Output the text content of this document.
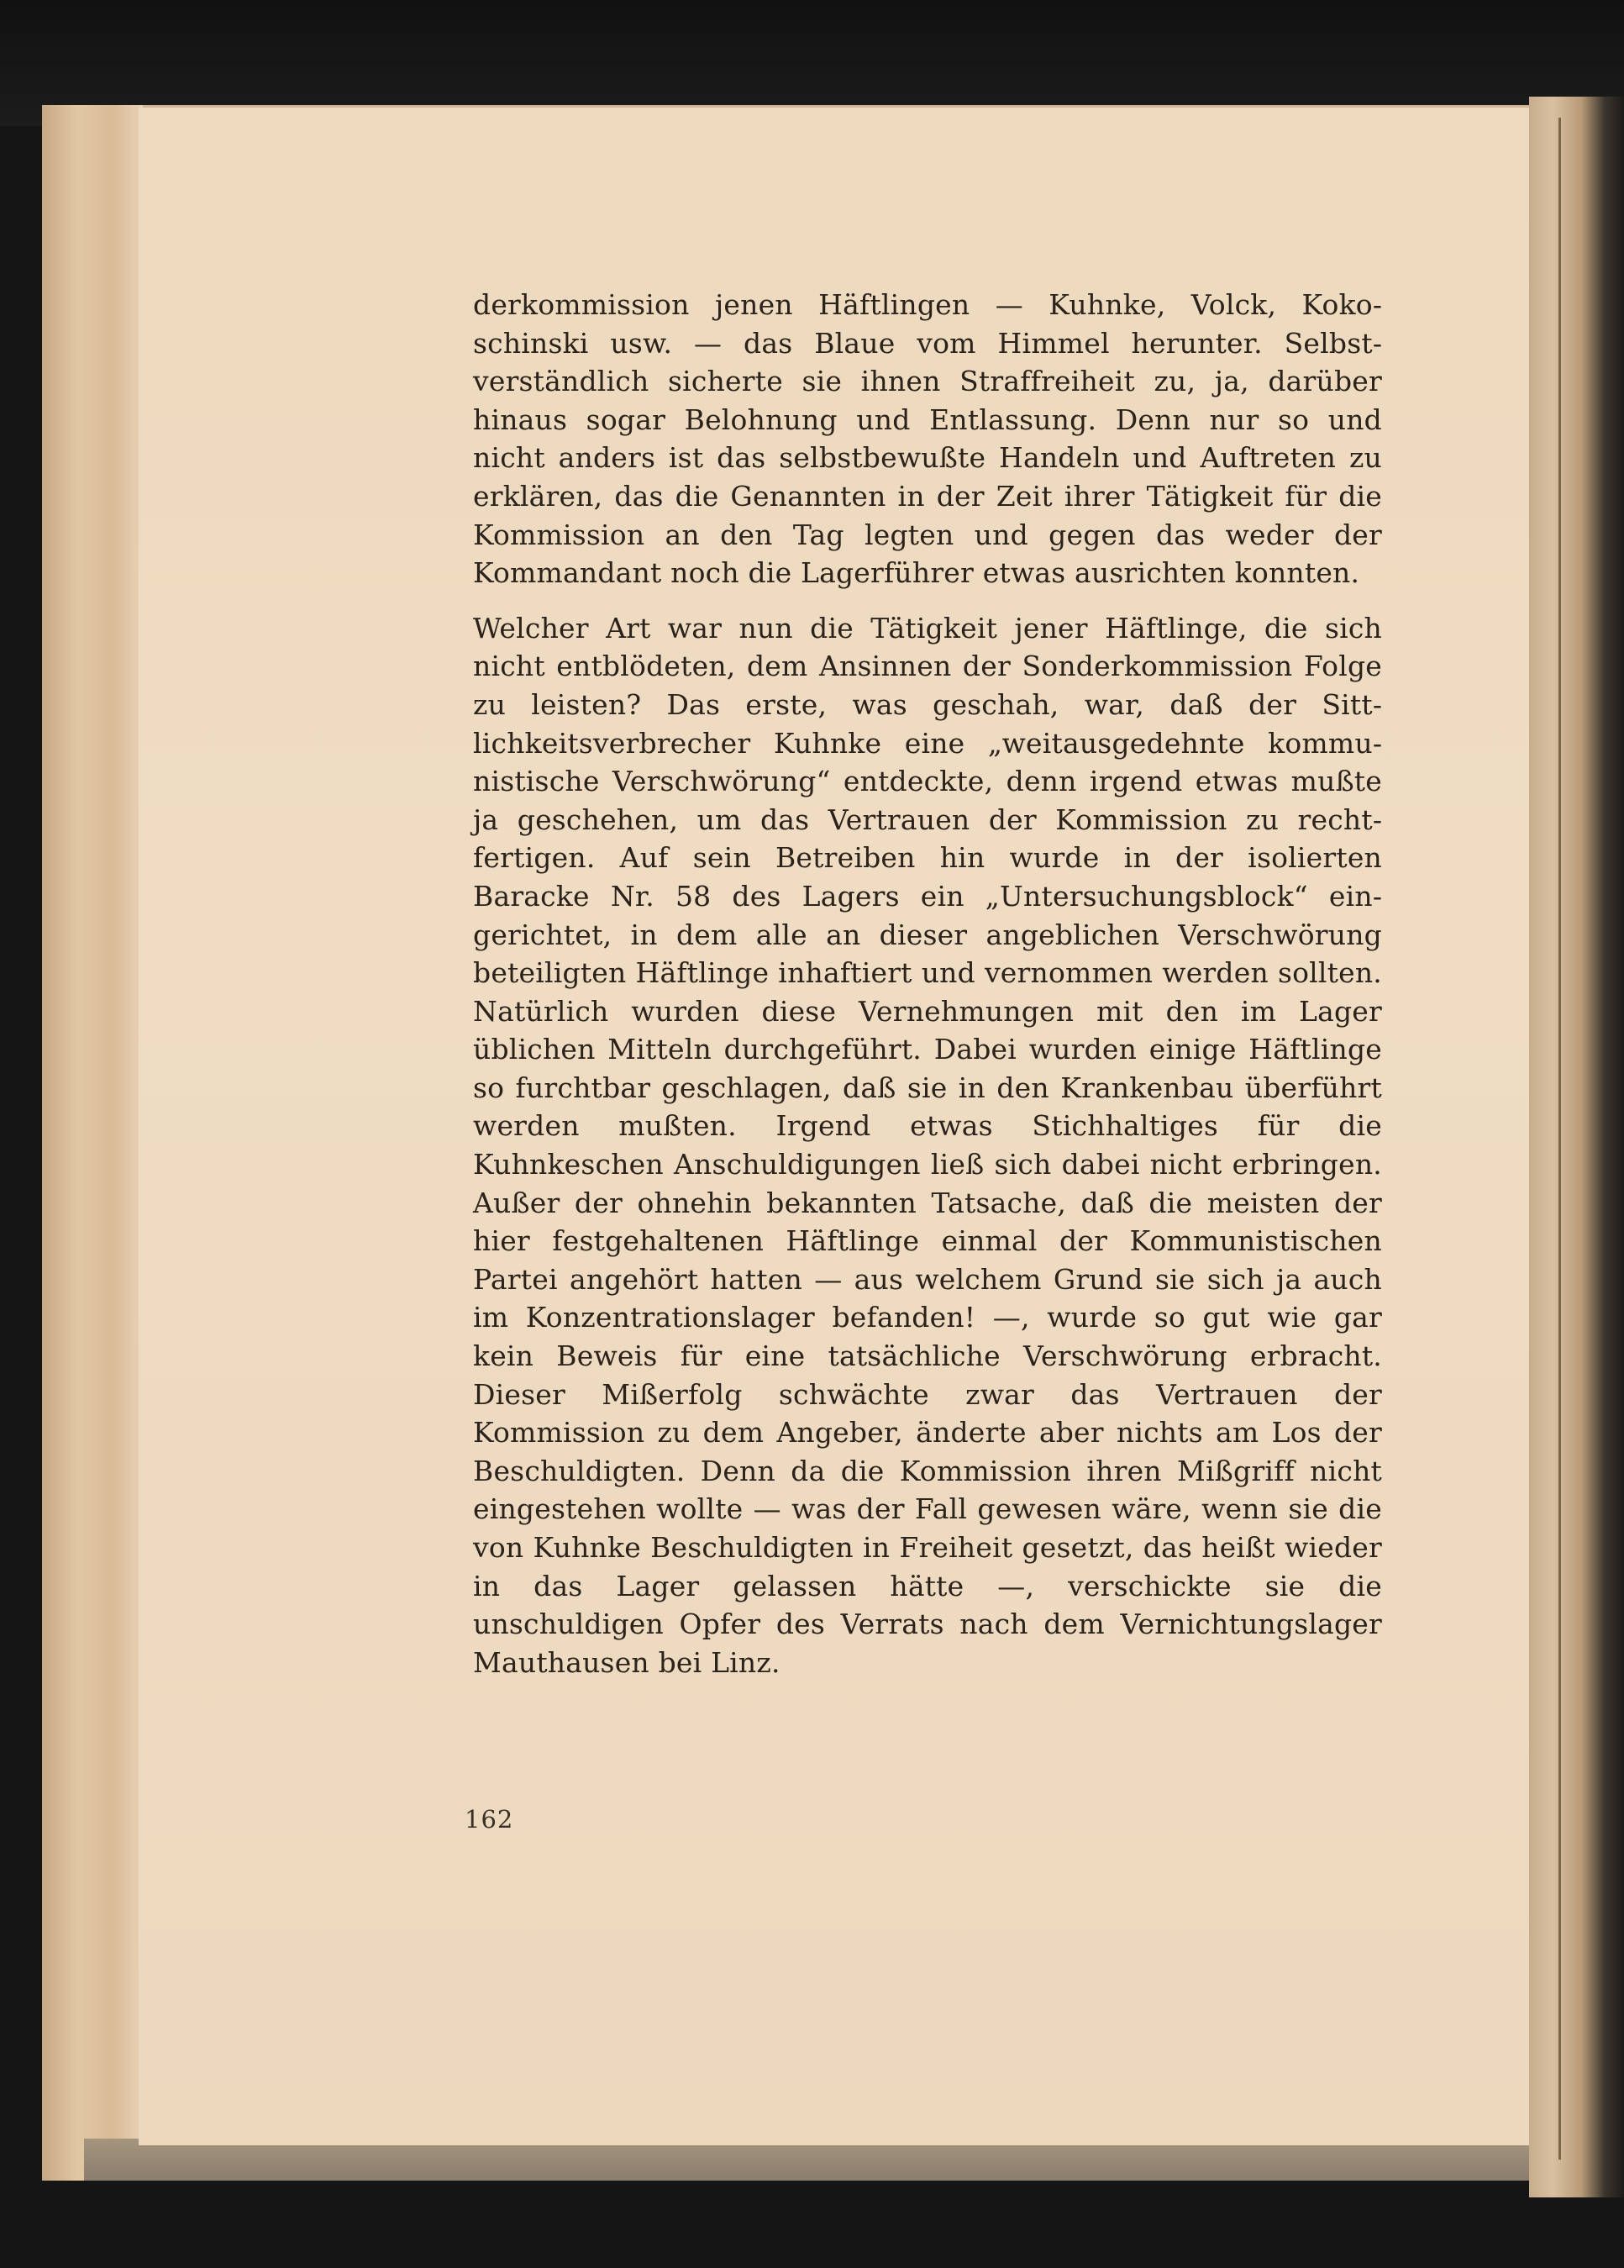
derkommission jenen Häftlingen — Kuhnke, Volck, Kokoschinski usw. — das Blaue vom Himmel herunter. Selbstverständlich sicherte sie ihnen Straffreiheit zu, ja, darüber hinaus sogar Belohnung und Entlassung. Denn nur so und nicht anders ist das selbstbewußte Handeln und Auftreten zu erklären, das die Genannten in der Zeit ihrer Tätigkeit für die Kommission an den Tag legten und gegen das weder der Kommandant noch die Lagerführer etwas ausrichten konnten.

Welcher Art war nun die Tätigkeit jener Häftlinge, die sich nicht entblödeten, dem Ansinnen der Sonderkommission Folge zu leisten? Das erste, was geschah, war, daß der Sittlichkeitsverbrecher Kuhnke eine „weitausgedehnte kommunistische Verschwörung“ entdeckte, denn irgend etwas mußte ja geschehen, um das Vertrauen der Kommission zu rechtfertigen. Auf sein Betreiben hin wurde in der isolierten Baracke Nr. 58 des Lagers ein „Untersuchungsblock“ eingerichtet, in dem alle an dieser angeblichen Verschwörung beteiligten Häftlinge inhaftiert und vernommen werden sollten. Natürlich wurden diese Vernehmungen mit den im Lager üblichen Mitteln durchgeführt. Dabei wurden einige Häftlinge so furchtbar geschlagen, daß sie in den Krankenbau überführt werden mußten. Irgend etwas Stichhaltiges für die Kuhnkeschen Anschuldigungen ließ sich dabei nicht erbringen. Außer der ohnehin bekannten Tatsache, daß die meisten der hier festgehaltenen Häftlinge einmal der Kommunistischen Partei angehört hatten — aus welchem Grund sie sich ja auch im Konzentrationslager befanden! —, wurde so gut wie gar kein Beweis für eine tatsächliche Verschwörung erbracht. Dieser Mißerfolg schwächte zwar das Vertrauen der Kommission zu dem Angeber, änderte aber nichts am Los der Beschuldigten. Denn da die Kommission ihren Mißgriff nicht eingestehen wollte — was der Fall gewesen wäre, wenn sie die von Kuhnke Beschuldigten in Freiheit gesetzt, das heißt wieder in das Lager gelassen hätte —, verschickte sie die unschuldigen Opfer des Verrats nach dem Vernichtungslager Mauthausen bei Linz.

162
